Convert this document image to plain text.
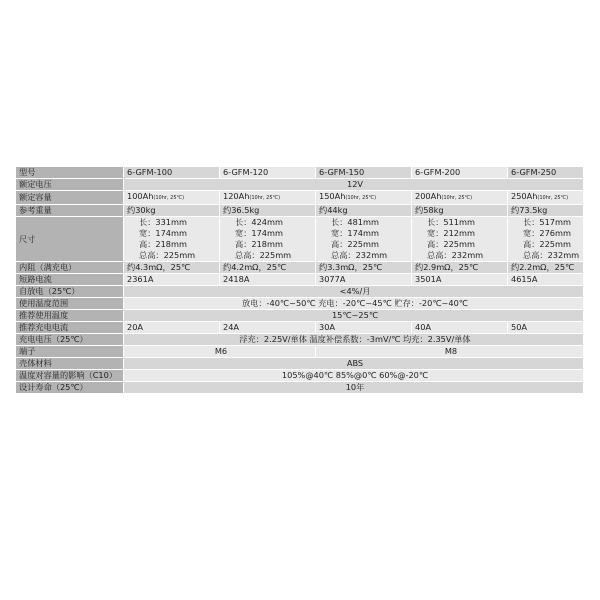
型号	6-GFM-100	6-GFM-120	6-GFM-150	6-GFM-200	6-GFM-250
额定电压	12V				
额定容量	100Ah(10hr, 25℃)	120Ah(10hr, 25℃)	150Ah(10hr, 25℃)	200Ah(10hr, 25℃)	250Ah(10hr, 25℃)
参考重量	约30kg	约36.5kg	约44kg	约58kg	约73.5kg
尺寸	长：331mm
宽：174mm
高：218mm
总高：225mm	长：424mm
宽：174mm
高：218mm
总高：225mm	长：481mm
宽：174mm
高：225mm
总高：232mm	长：511mm
宽：212mm
高：225mm
总高：232mm	长：517mm
宽：276mm
高：225mm
总高：232mm

内阻（满充电）	约4.3mΩ，25℃	约4.2mΩ，25℃	约3.3mΩ，25℃	约2.9mΩ，25℃	约2.2mΩ，25℃
短路电流	2361A	2418A	3077A	3501A	4615A
自放电（25℃）	<4%/月				
使用温度范围	放电：-40℃~50℃ 充电：-20℃~45℃ 贮存：-20℃~40℃				
推荐使用温度	15℃~25℃				
推荐充电电流	20A	24A	30A	40A	50A
充电电压（25℃）	浮充：2.25V/单体 温度补偿系数：-3mV/℃ 均充：2.35V/单体				
端子	M6		M8		
壳体材料	ABS				
温度对容量的影响（C10）	105%@40℃ 85%@0℃ 60%@-20℃				
设计寿命（25℃）	10年				
